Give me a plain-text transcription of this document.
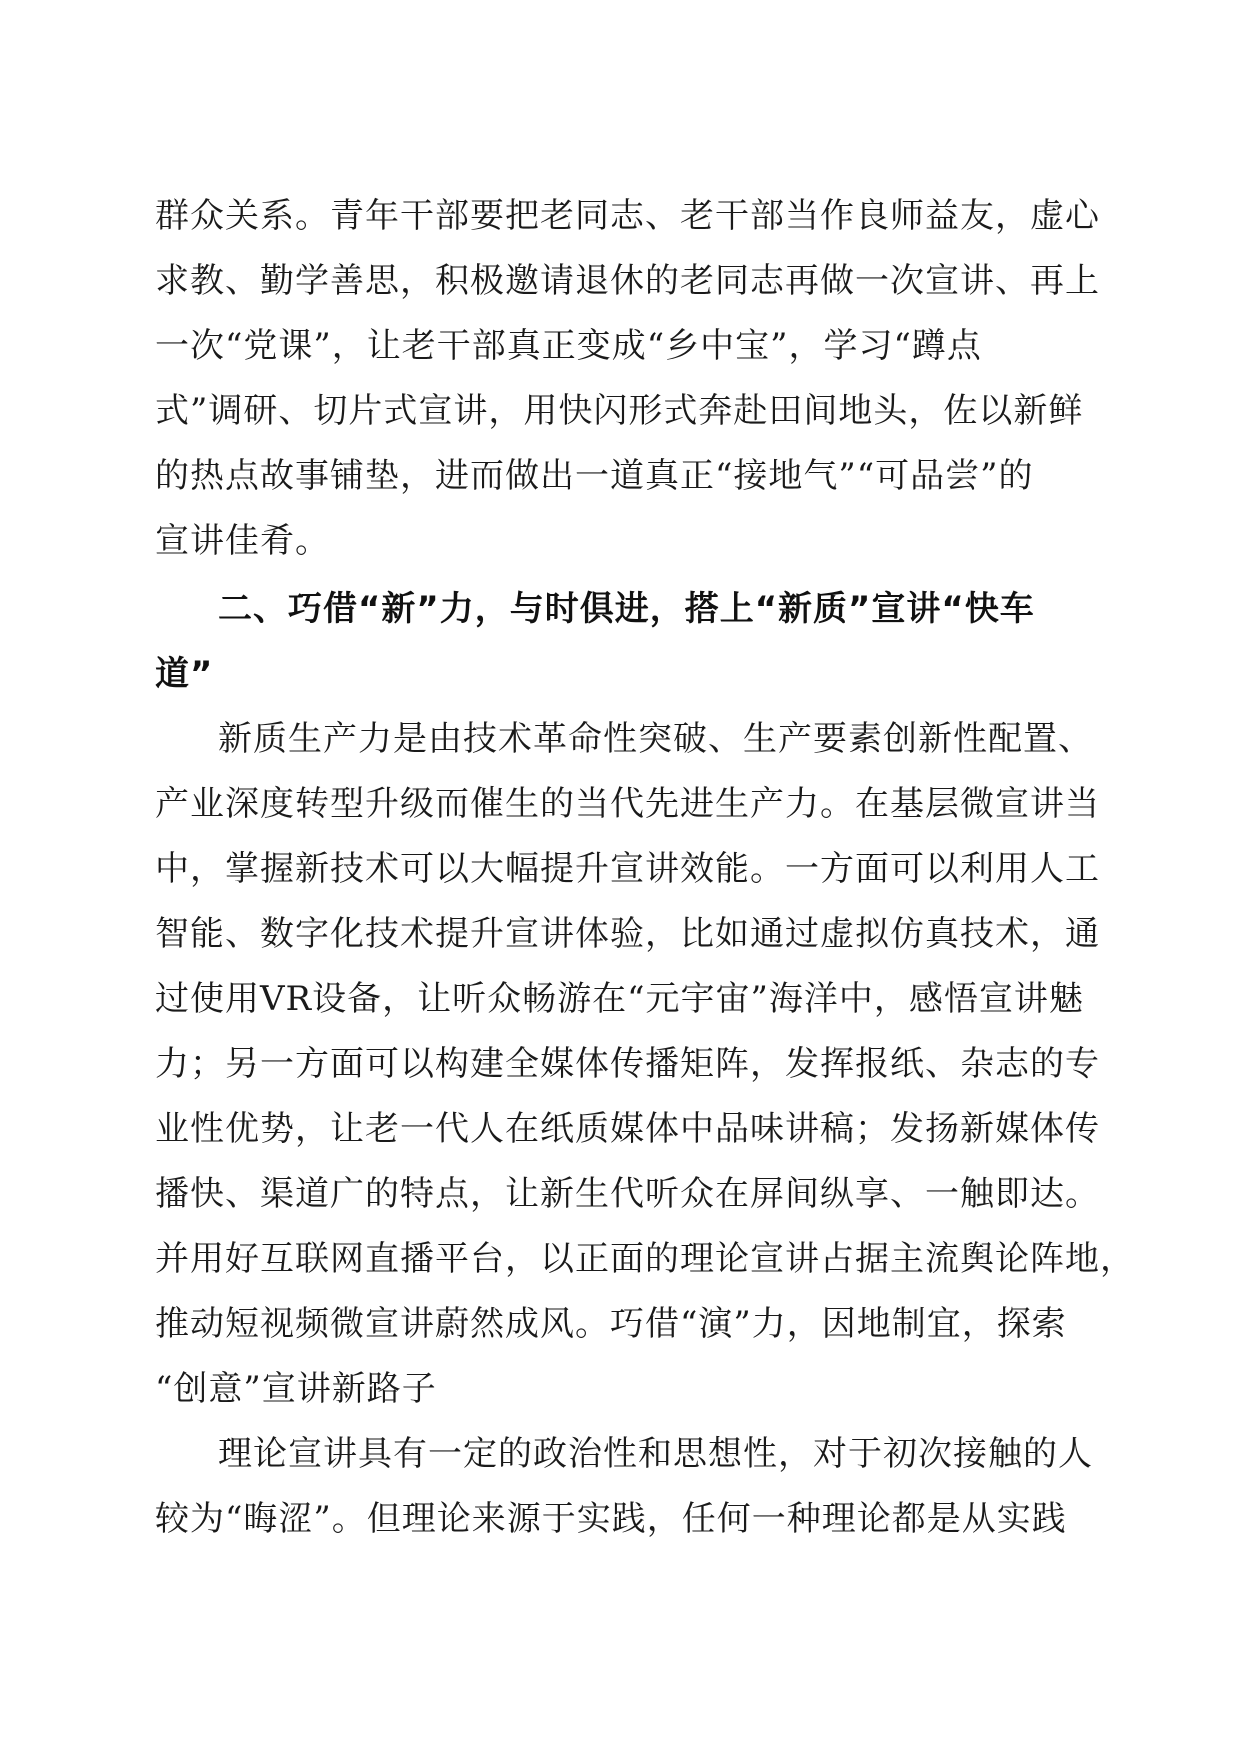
群众关系。青年干部要把老同志、老干部当作良师益友，虚心
求教、勤学善思，积极邀请退休的老同志再做一次宣讲、再上
一次“党课”，让老干部真正变成“乡中宝”，学习“蹲点
式”调研、切片式宣讲，用快闪形式奔赴田间地头，佐以新鲜
的热点故事铺垫，进而做出一道真正“接地气”“可品尝”的
宣讲佳肴。
二、巧借“新”力，与时俱进，搭上“新质”宣讲“快车
道”
新质生产力是由技术革命性突破、生产要素创新性配置、
产业深度转型升级而催生的当代先进生产力。在基层微宣讲当
中，掌握新技术可以大幅提升宣讲效能。一方面可以利用人工
智能、数字化技术提升宣讲体验，比如通过虚拟仿真技术，通
过使用VR设备，让听众畅游在“元宇宙”海洋中，感悟宣讲魅
力；另一方面可以构建全媒体传播矩阵，发挥报纸、杂志的专
业性优势，让老一代人在纸质媒体中品味讲稿；发扬新媒体传
播快、渠道广的特点，让新生代听众在屏间纵享、一触即达。
并用好互联网直播平台，以正面的理论宣讲占据主流舆论阵地，
推动短视频微宣讲蔚然成风。巧借“演”力，因地制宜，探索
“创意”宣讲新路子
理论宣讲具有一定的政治性和思想性，对于初次接触的人
较为“晦涩”。但理论来源于实践，任何一种理论都是从实践
